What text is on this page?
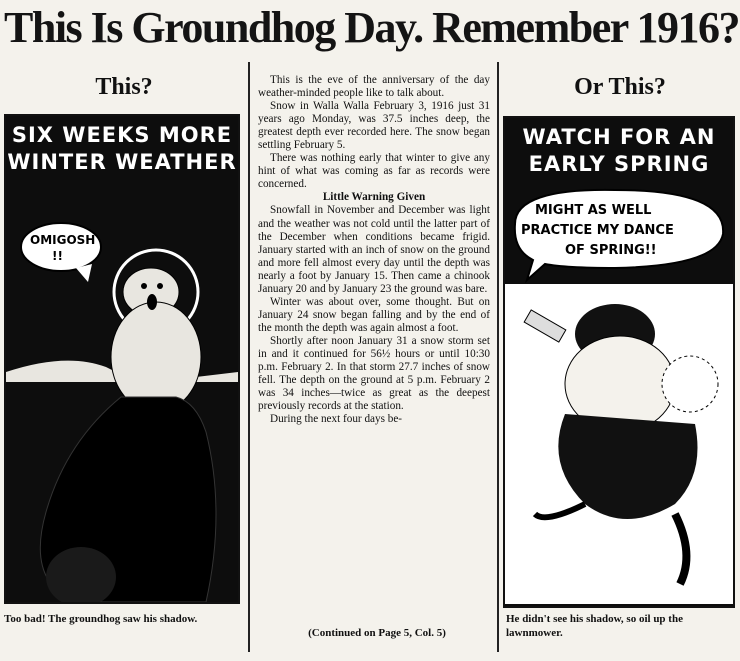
This Is Groundhog Day. Remember 1916?
This?
SIX WEEKS MORE
WINTER WEATHER
OMIGOSH
!!
Too bad! The groundhog saw his shadow.

This is the eve of the anniversary of the day weather-minded people like to talk about.

Snow in Walla Walla February 3, 1916 just 31 years ago Monday, was 37.5 inches deep, the greatest depth ever recorded here. The snow began settling February 5.

There was nothing early that winter to give any hint of what was coming as far as records were concerned.

Little Warning Given

Snowfall in November and December was light and the weather was not cold until the latter part of the December when conditions became frigid. January started with an inch of snow on the ground and more fell almost every day until the depth was nearly a foot by January 15. Then came a chinook January 20 and by January 23 the ground was bare.

Winter was about over, some thought. But on January 24 snow began falling and by the end of the month the depth was again almost a foot.

Shortly after noon January 31 a snow storm set in and it continued for 56½ hours or until 10:30 p.m. February 2. In that storm 27.7 inches of snow fell. The depth on the ground at 5 p.m. February 2 was 34 inches—twice as great as the deepest previously records at the station.

During the next four days be-

(Continued on Page 5, Col. 5)
Or This?
WATCH FOR AN
EARLY SPRING
MIGHT AS WELL
PRACTICE MY DANCE
OF SPRING!!
He didn't see his shadow, so oil up the lawnmower.
